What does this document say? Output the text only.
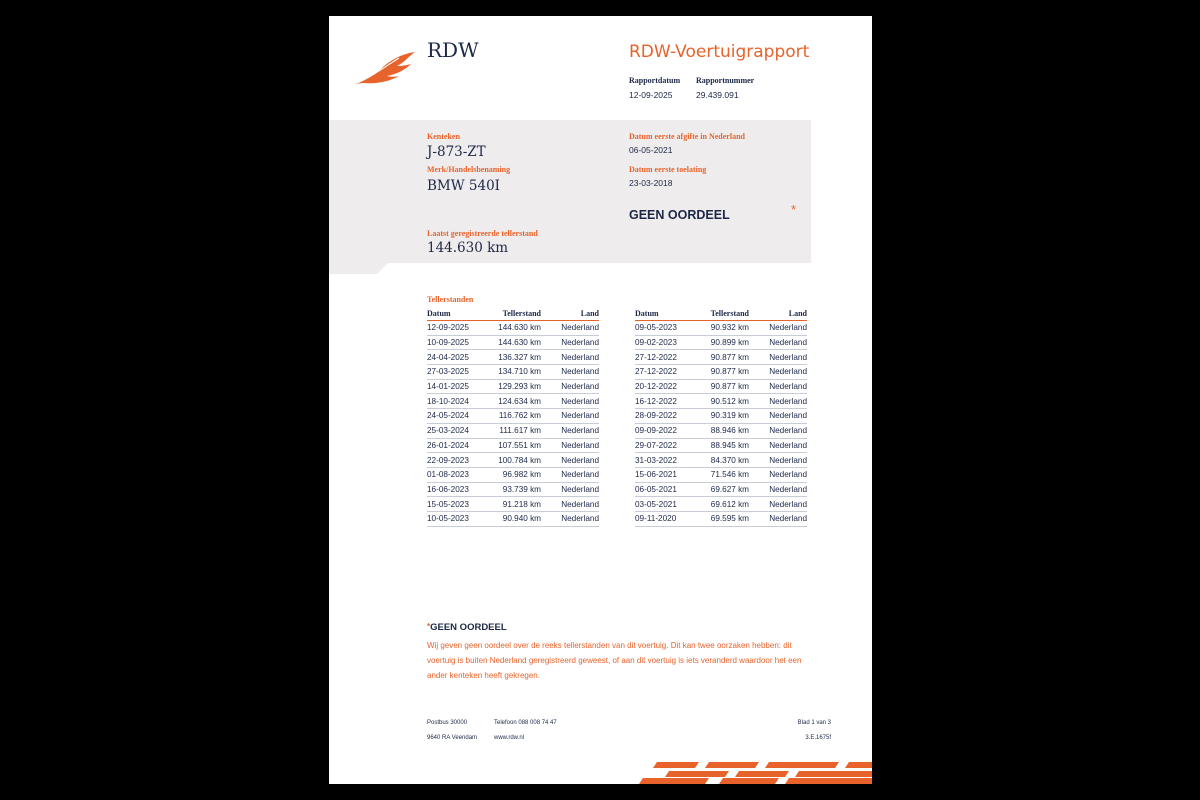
RDW	RDW-Voertuigrapport
Rapportdatum
12-09-2025
Rapportnummer
29.439.091
Kenteken
J-873-ZT
Merk/Handelsbenaming
BMW 540I
Laatst geregistreerde tellerstand
144.630 km
Datum eerste afgifte in Nederland
06-05-2021
Datum eerste toelating
23-03-2018
GEEN OORDEEL	*
Tellerstanden
Datum	Tellerstand	Land
12-09-2025	144.630 km	Nederland
10-09-2025	144.630 km	Nederland
24-04-2025	136.327 km	Nederland
27-03-2025	134.710 km	Nederland
14-01-2025	129.293 km	Nederland
18-10-2024	124.634 km	Nederland
24-05-2024	116.762 km	Nederland
25-03-2024	111.617 km	Nederland
26-01-2024	107.551 km	Nederland
22-09-2023	100.784 km	Nederland
01-08-2023	96.982 km	Nederland
16-06-2023	93.739 km	Nederland
15-05-2023	91.218 km	Nederland
10-05-2023	90.940 km	Nederland
Datum	Tellerstand	Land
09-05-2023	90.932 km	Nederland
09-02-2023	90.899 km	Nederland
27-12-2022	90.877 km	Nederland
27-12-2022	90.877 km	Nederland
20-12-2022	90.877 km	Nederland
16-12-2022	90.512 km	Nederland
28-09-2022	90.319 km	Nederland
09-09-2022	88.946 km	Nederland
29-07-2022	88.945 km	Nederland
31-03-2022	84.370 km	Nederland
15-06-2021	71.546 km	Nederland
06-05-2021	69.627 km	Nederland
03-05-2021	69.612 km	Nederland
09-11-2020	69.595 km	Nederland
*GEEN OORDEEL
Wij geven geen oordeel over de reeks tellerstanden van dit voertuig. Dit kan twee oorzaken hebben: dit voertuig is buiten Nederland geregistreerd geweest, of aan dit voertuig is iets veranderd waardoor het een ander kenteken heeft gekregen.
Postbus 30000
9640 RA Veendam
Telefoon 088 008 74 47
www.rdw.nl
Blad 1 van 3
3.E.1675f
